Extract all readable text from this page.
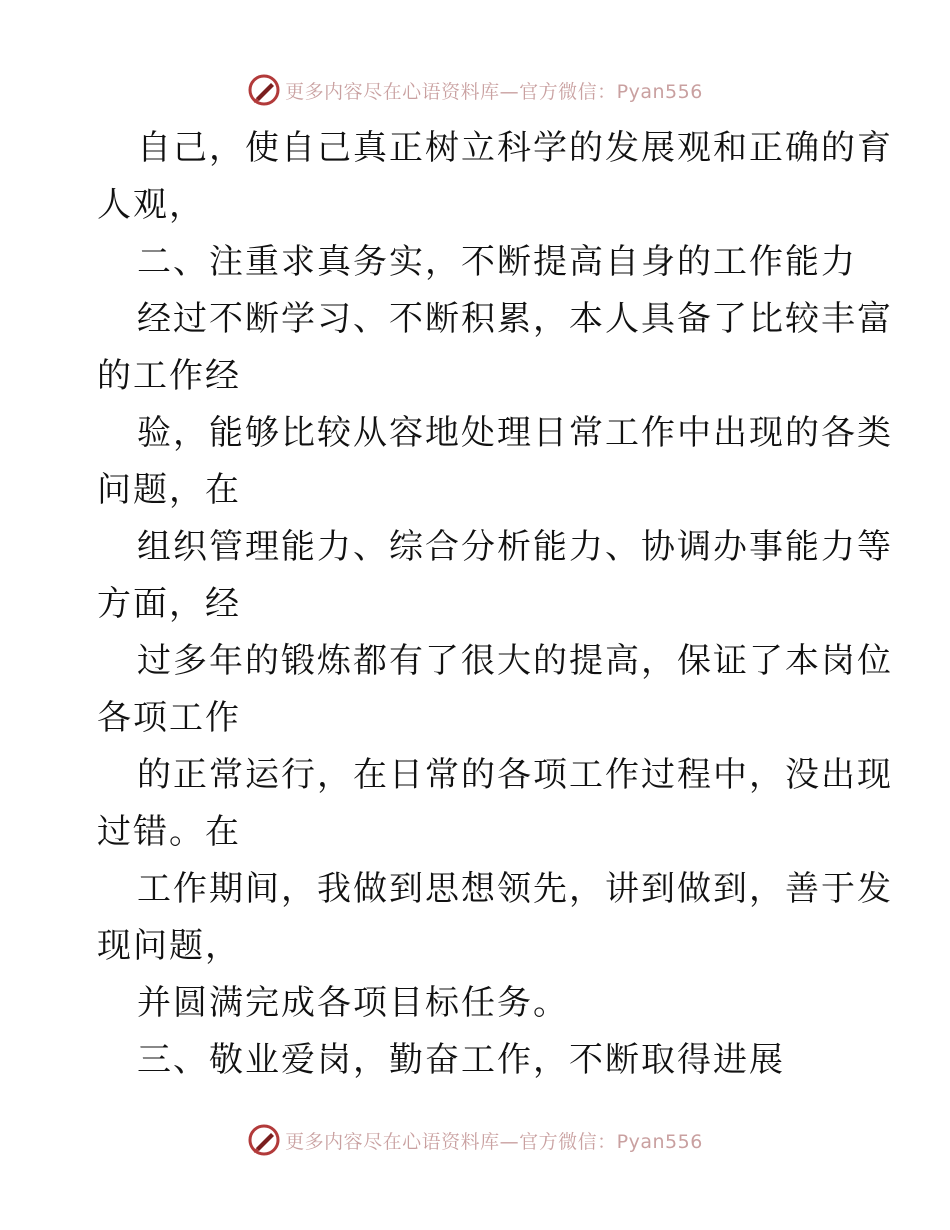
更多内容尽在心语资料库—官方微信：Pyan556
自己，使自己真正树立科学的发展观和正确的育
人观，
二、注重求真务实，不断提高自身的工作能力
经过不断学习、不断积累，本人具备了比较丰富
的工作经
验，能够比较从容地处理日常工作中出现的各类
问题，在
组织管理能力、综合分析能力、协调办事能力等
方面，经
过多年的锻炼都有了很大的提高，保证了本岗位
各项工作
的正常运行，在日常的各项工作过程中，没出现
过错。在
工作期间，我做到思想领先，讲到做到，善于发
现问题，
并圆满完成各项目标任务。
三、敬业爱岗，勤奋工作，不断取得进展
更多内容尽在心语资料库—官方微信：Pyan556
